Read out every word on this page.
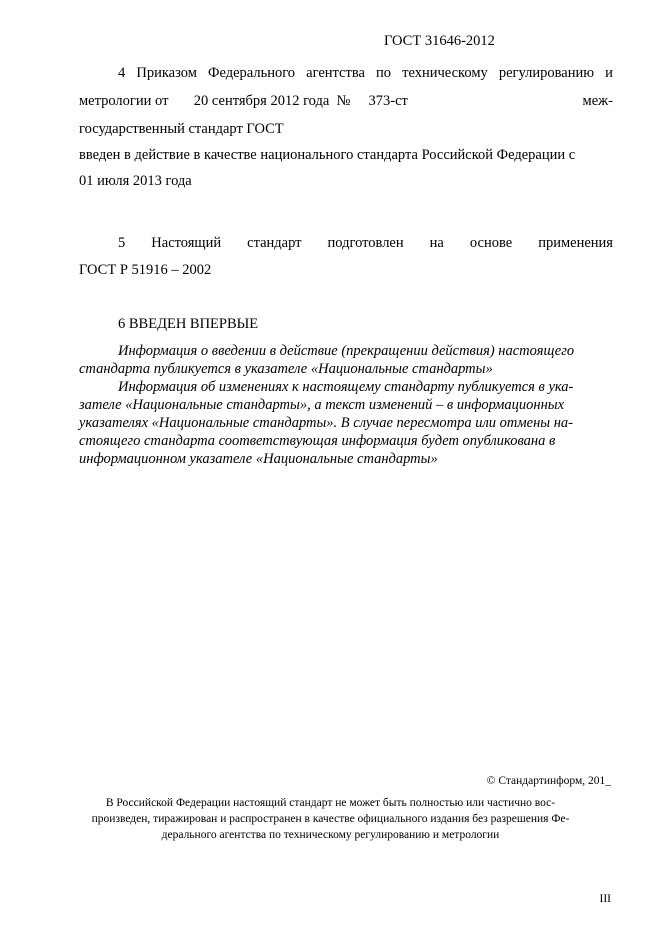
ГОСТ 31646-2012
4 Приказом Федерального агентства по техническому регулированию и
метрологии от       20 сентября 2012 года  №     373-ст	меж-
государственный стандарт ГОСТ
введен в действие в качестве национального стандарта Российской Федерации с
01 июля 2013 года
5 Настоящий стандарт подготовлен на основе применения
ГОСТ Р 51916 – 2002
6 ВВЕДЕН ВПЕРВЫЕ
Информация о введении в действие (прекращении действия) настоящего
стандарта публикуется в указателе «Национальные стандарты»
Информация об изменениях к настоящему стандарту публикуется в ука-
зателе «Национальные стандарты», а текст изменений – в информационных
указателях «Национальные стандарты». В случае пересмотра или отмены на-
стоящего стандарта соответствующая информация будет опубликована в
информационном указателе «Национальные стандарты»
© Стандартинформ, 201_
В Российской Федерации настоящий стандарт не может быть полностью или частично вос-
произведен, тиражирован и распространен в качестве официального издания без разрешения Фе-
дерального агентства по техническому регулированию и метрологии
III
